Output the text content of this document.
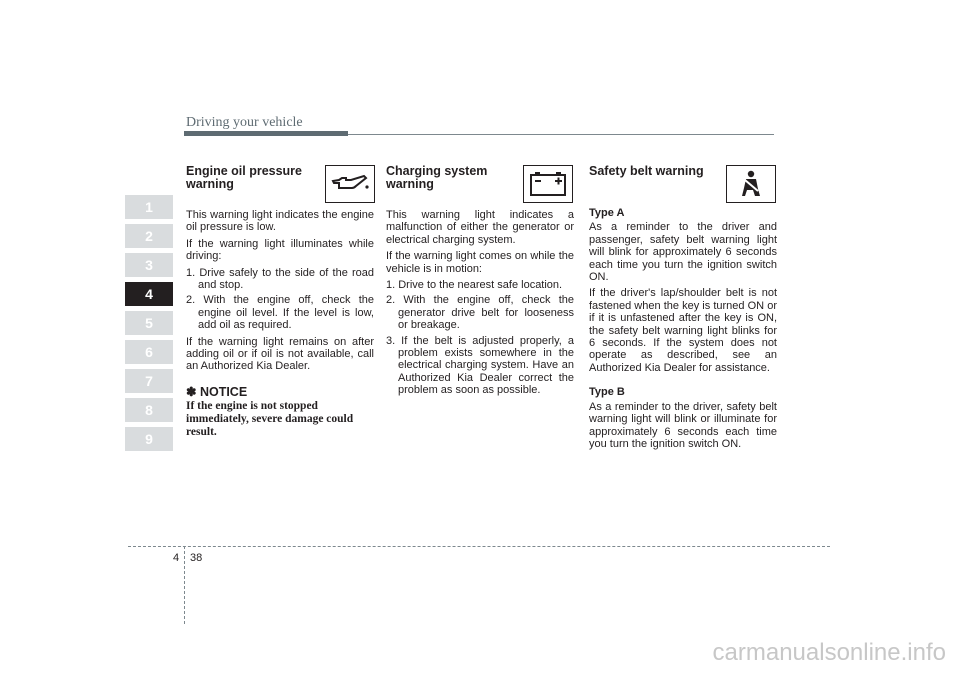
Driving your vehicle
1
2
3
4
5
6
7
8
9
Engine oil pressure warning

This warning light indicates the engine oil pressure is low.

If the warning light illuminates while driving:

1. Drive safely to the side of the road and stop.
2. With the engine off, check the engine oil level. If the level is low, add oil as required.

If the warning light remains on after adding oil or if oil is not available, call an Authorized Kia Dealer.

✽ NOTICE
If the engine is not stopped immediately, severe damage could result.
Charging system warning

This warning light indicates a malfunction of either the generator or electrical charging system.

If the warning light comes on while the vehicle is in motion:

1. Drive to the nearest safe location.
2. With the engine off, check the generator drive belt for looseness or breakage.
3. If the belt is adjusted properly, a problem exists somewhere in the electrical charging system. Have an Authorized Kia Dealer correct the problem as soon as possible.
Safety belt warning
Type A

As a reminder to the driver and passenger, safety belt warning light will blink for approximately 6 seconds each time you turn the ignition switch ON.

If the driver's lap/shoulder belt is not fastened when the key is turned ON or if it is unfastened after the key is ON, the safety belt warning light blinks for 6 seconds. If the system does not operate as described, see an Authorized Kia Dealer for assistance.

Type B

As a reminder to the driver, safety belt warning light will blink or illuminate for approximately 6 seconds each time you turn the ignition switch ON.

4 38
carmanualsonline.info
